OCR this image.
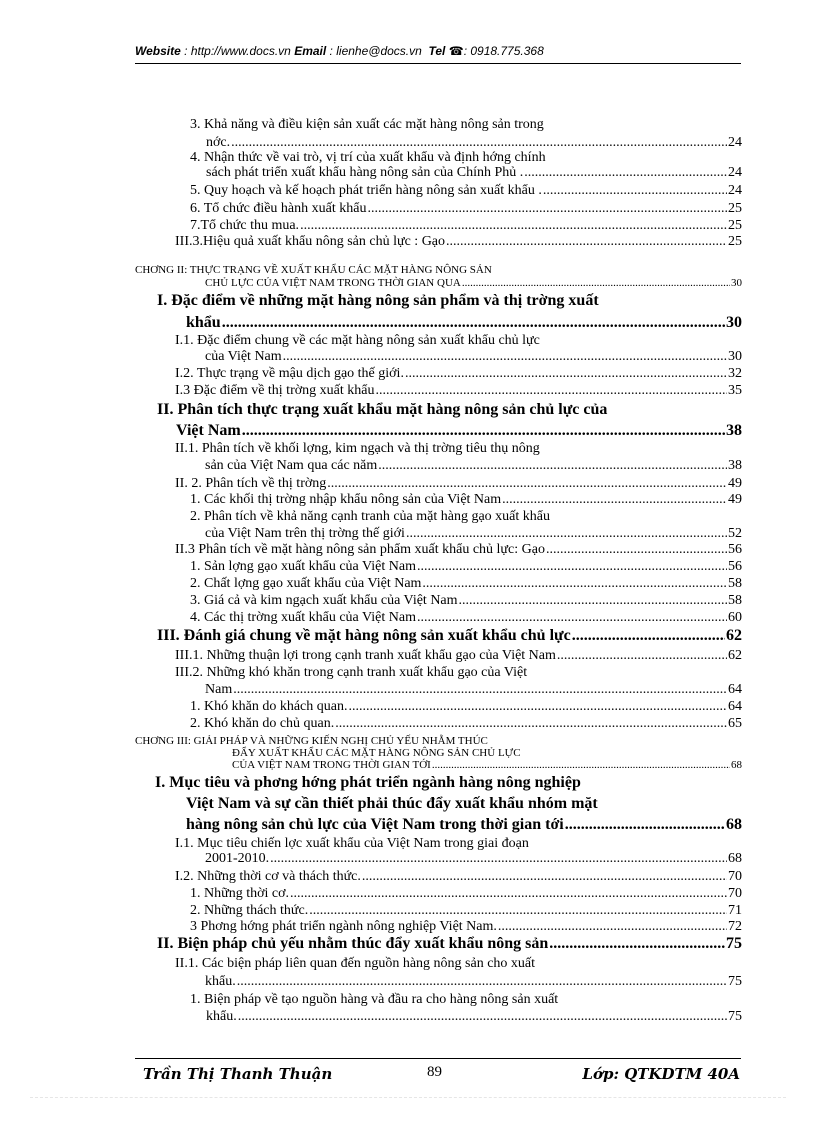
Website : http://www.docs.vn Email : lienhe@docs.vn Tel ☎: 0918.775.368
3. Khả năng và điều kiện sản xuất các mặt hàng nông sản trong
nớc. .....	24
4. Nhận thức về vai trò, vị trí của xuất khẩu và định hớng chính
sách phát triển xuất khẩu hàng nông sản của Chính Phủ . .....	24
5. Quy hoạch và kế hoạch phát triển hàng nông sản xuất khẩu . .....	24
6. Tổ chức điều hành xuất khẩu .....	25
7.Tổ chức thu mua. .....	25
III.3.Hiệu quả xuất khẩu nông sản chủ lực : Gạo .....	25
CHƠNG II: THỰC TRẠNG VỀ XUẤT KHẨU CÁC MẶT HÀNG NÔNG SẢN
CHỦ LỰC CỦA VIỆT NAM TRONG THỜI GIAN QUA .....	30
I. Đặc điểm về những mặt hàng nông sản phẩm và thị trờng xuất
khẩu .....	30
I.1. Đặc điểm chung về các mặt hàng nông sản xuất khẩu chủ lực
của Việt Nam .....	30
I.2. Thực trạng về mậu dịch gạo thế giới. .....	32
I.3 Đặc điểm về thị trờng xuất khẩu .....	35
II. Phân tích thực trạng xuất khẩu mặt hàng nông sản chủ lực của
Việt Nam .....	38
II.1. Phân tích về khối lợng, kim ngạch và thị trờng tiêu thụ nông
sản của Việt Nam qua các năm .....	38
II. 2. Phân tích về thị trờng .....	49
1. Các khối thị trờng nhập khẩu nông sản của Việt Nam .....	49
2. Phân tích về khả năng cạnh tranh của mặt hàng gạo xuất khẩu
của Việt Nam trên thị trờng thế giới .....	52
II.3 Phân tích về mặt hàng nông sản phẩm xuất khẩu chủ lực: Gạo .....	56
1. Sản lợng gạo xuất khẩu của Việt Nam .....	56
2. Chất lợng gạo xuất khẩu của Việt Nam .....	58
3. Giá cả và kim ngạch xuất khẩu của Việt Nam .....	58
4. Các thị trờng xuất khẩu của Việt Nam .....	60
III. Đánh giá chung về mặt hàng nông sản xuất khẩu chủ lực .....	62
III.1. Những thuận lợi trong cạnh tranh xuất khẩu gạo của Việt Nam .....	62
III.2. Những khó khăn trong cạnh tranh xuất khẩu gạo của Việt
Nam .....	64
1. Khó khăn do khách quan. .....	64
2. Khó khăn do chủ quan. .....	65
CHƠNG III: GIẢI PHÁP VÀ NHỮNG KIẾN NGHỊ CHỦ YẾU NHẰM THÚC
ĐẨY XUẤT KHẨU CÁC MẶT HÀNG NÔNG SẢN CHỦ LỰC
CỦA VIỆT NAM TRONG THỜI GIAN TỚI .....	68
I. Mục tiêu và phơng hớng phát triển ngành hàng nông nghiệp
Việt Nam và sự cần thiết phải thúc đẩy xuất khẩu nhóm mặt
hàng nông sản chủ lực của Việt Nam trong thời gian tới .....	68
I.1. Mục tiêu chiến lợc xuất khẩu của Việt Nam trong giai đoạn
2001-2010. .....	68
I.2. Những thời cơ và thách thức. .....	70
1. Những thời cơ. .....	70
2. Những thách thức. .....	71
3 Phơng hớng phát triển ngành nông nghiệp Việt Nam. .....	72
II. Biện pháp chủ yếu nhằm thúc đẩy xuất khẩu nông sản .....	75
II.1. Các biện pháp liên quan đến nguồn hàng nông sản cho xuất
khẩu. .....	75
1. Biện pháp về tạo nguồn hàng và đầu ra cho hàng nông sản xuất
khẩu. .....	75
Trần Thị Thanh Thuận	89	Lớp: QTKDTM 40A
